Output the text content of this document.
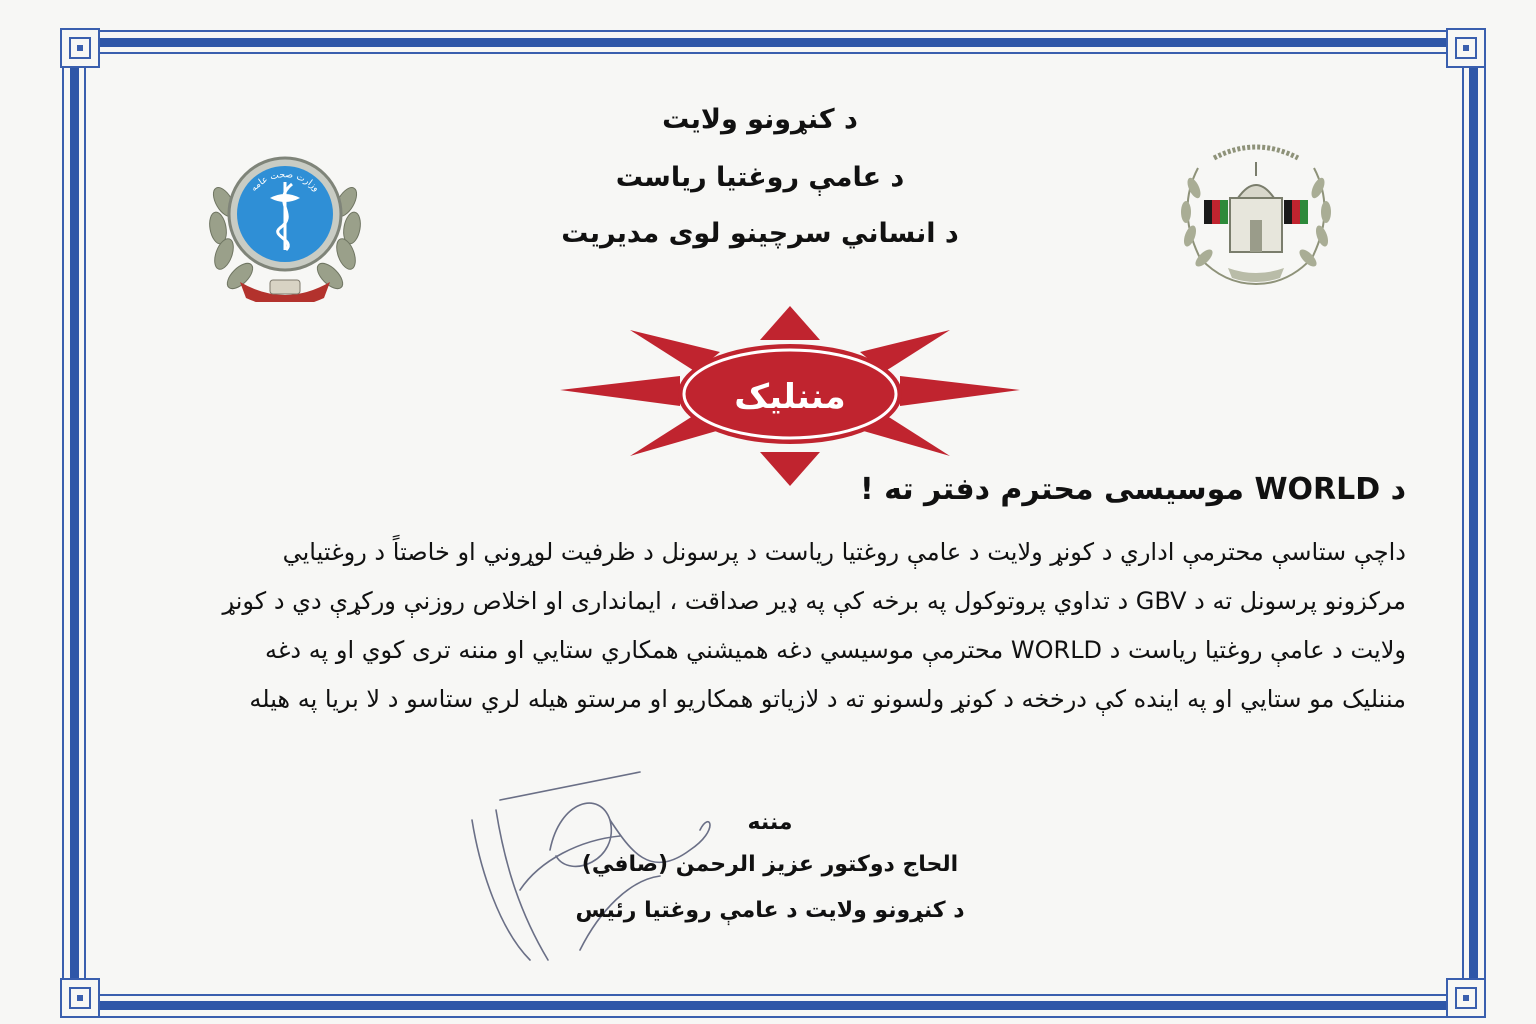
وزارت صحت عامه
د کنړونو ولایت
د عامې روغتیا ریاست
د انساني سرچینو لوی مدیریت
مننلیک
د WORLD موسیسی محترم دفتر ته !
داچې ستاسې محترمې اداري د کونړ ولایت د عامې روغتیا ریاست د پرسونل د ظرفیت لوړوني او خاصتاً د روغتیایي
مرکزونو پرسونل ته د GBV د تداوي پروتوکول په برخه کې په ډیر صداقت ، ایمانداری او اخلاص روزنې ورکړې دي د کونړ
ولایت د عامې روغتیا ریاست د WORLD محترمې موسیسي دغه همیشني همکاري ستایي او مننه تری کوي او په دغه
مننلیک مو ستایي او په اینده کې درخخه د کونړ ولسونو ته د لازیاتو همکاریو او مرستو هیله لري ستاسو د لا بریا په هیله
مننه
الحاج دوکتور عزیز الرحمن (صافي)
د کنړونو ولایت د عامې روغتیا رئیس
